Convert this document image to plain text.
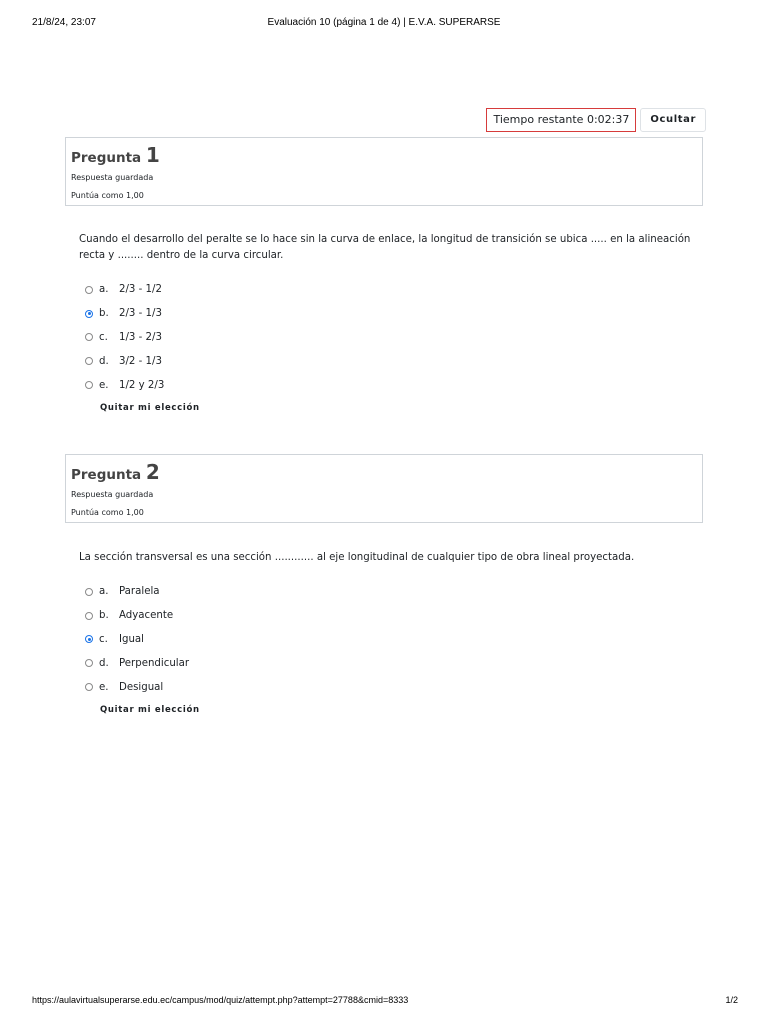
21/8/24, 23:07	Evaluación 10 (página 1 de 4) | E.V.A. SUPERARSE
Tiempo restante 0:02:37	Ocultar
Pregunta 1
Respuesta guardada
Puntúa como 1,00

Cuando el desarrollo del peralte se lo hace sin la curva de enlace, la longitud de transición se ubica ..... en la alineación recta y ........ dentro de la curva circular.

a.	2/3 - 1/2
b.	2/3 - 1/3
c.	1/3 - 2/3
d.	3/2 - 1/3
e.	1/2 y 2/3
Quitar mi elección
Pregunta 2
Respuesta guardada
Puntúa como 1,00

La sección transversal es una sección ............ al eje longitudinal de cualquier tipo de obra lineal proyectada.

a.	Paralela
b.	Adyacente
c.	Igual
d.	Perpendicular
e.	Desigual
Quitar mi elección
https://aulavirtualsuperarse.edu.ec/campus/mod/quiz/attempt.php?attempt=27788&cmid=8333	1/2
